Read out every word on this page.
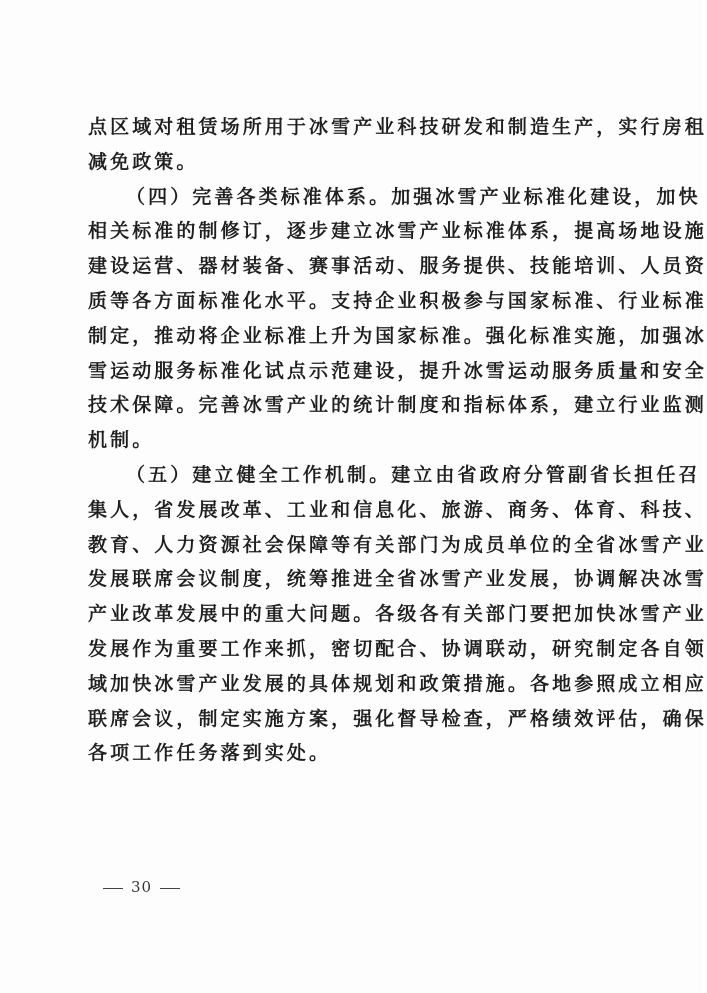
点区域对租赁场所用于冰雪产业科技研发和制造生产，实行房租
减免政策。
（四）完善各类标准体系。加强冰雪产业标准化建设，加快
相关标准的制修订，逐步建立冰雪产业标准体系，提高场地设施
建设运营、器材装备、赛事活动、服务提供、技能培训、人员资
质等各方面标准化水平。支持企业积极参与国家标准、行业标准
制定，推动将企业标准上升为国家标准。强化标准实施，加强冰
雪运动服务标准化试点示范建设，提升冰雪运动服务质量和安全
技术保障。完善冰雪产业的统计制度和指标体系，建立行业监测
机制。
（五）建立健全工作机制。建立由省政府分管副省长担任召
集人，省发展改革、工业和信息化、旅游、商务、体育、科技、
教育、人力资源社会保障等有关部门为成员单位的全省冰雪产业
发展联席会议制度，统筹推进全省冰雪产业发展，协调解决冰雪
产业改革发展中的重大问题。各级各有关部门要把加快冰雪产业
发展作为重要工作来抓，密切配合、协调联动，研究制定各自领
域加快冰雪产业发展的具体规划和政策措施。各地参照成立相应
联席会议，制定实施方案，强化督导检查，严格绩效评估，确保
各项工作任务落到实处。
30
